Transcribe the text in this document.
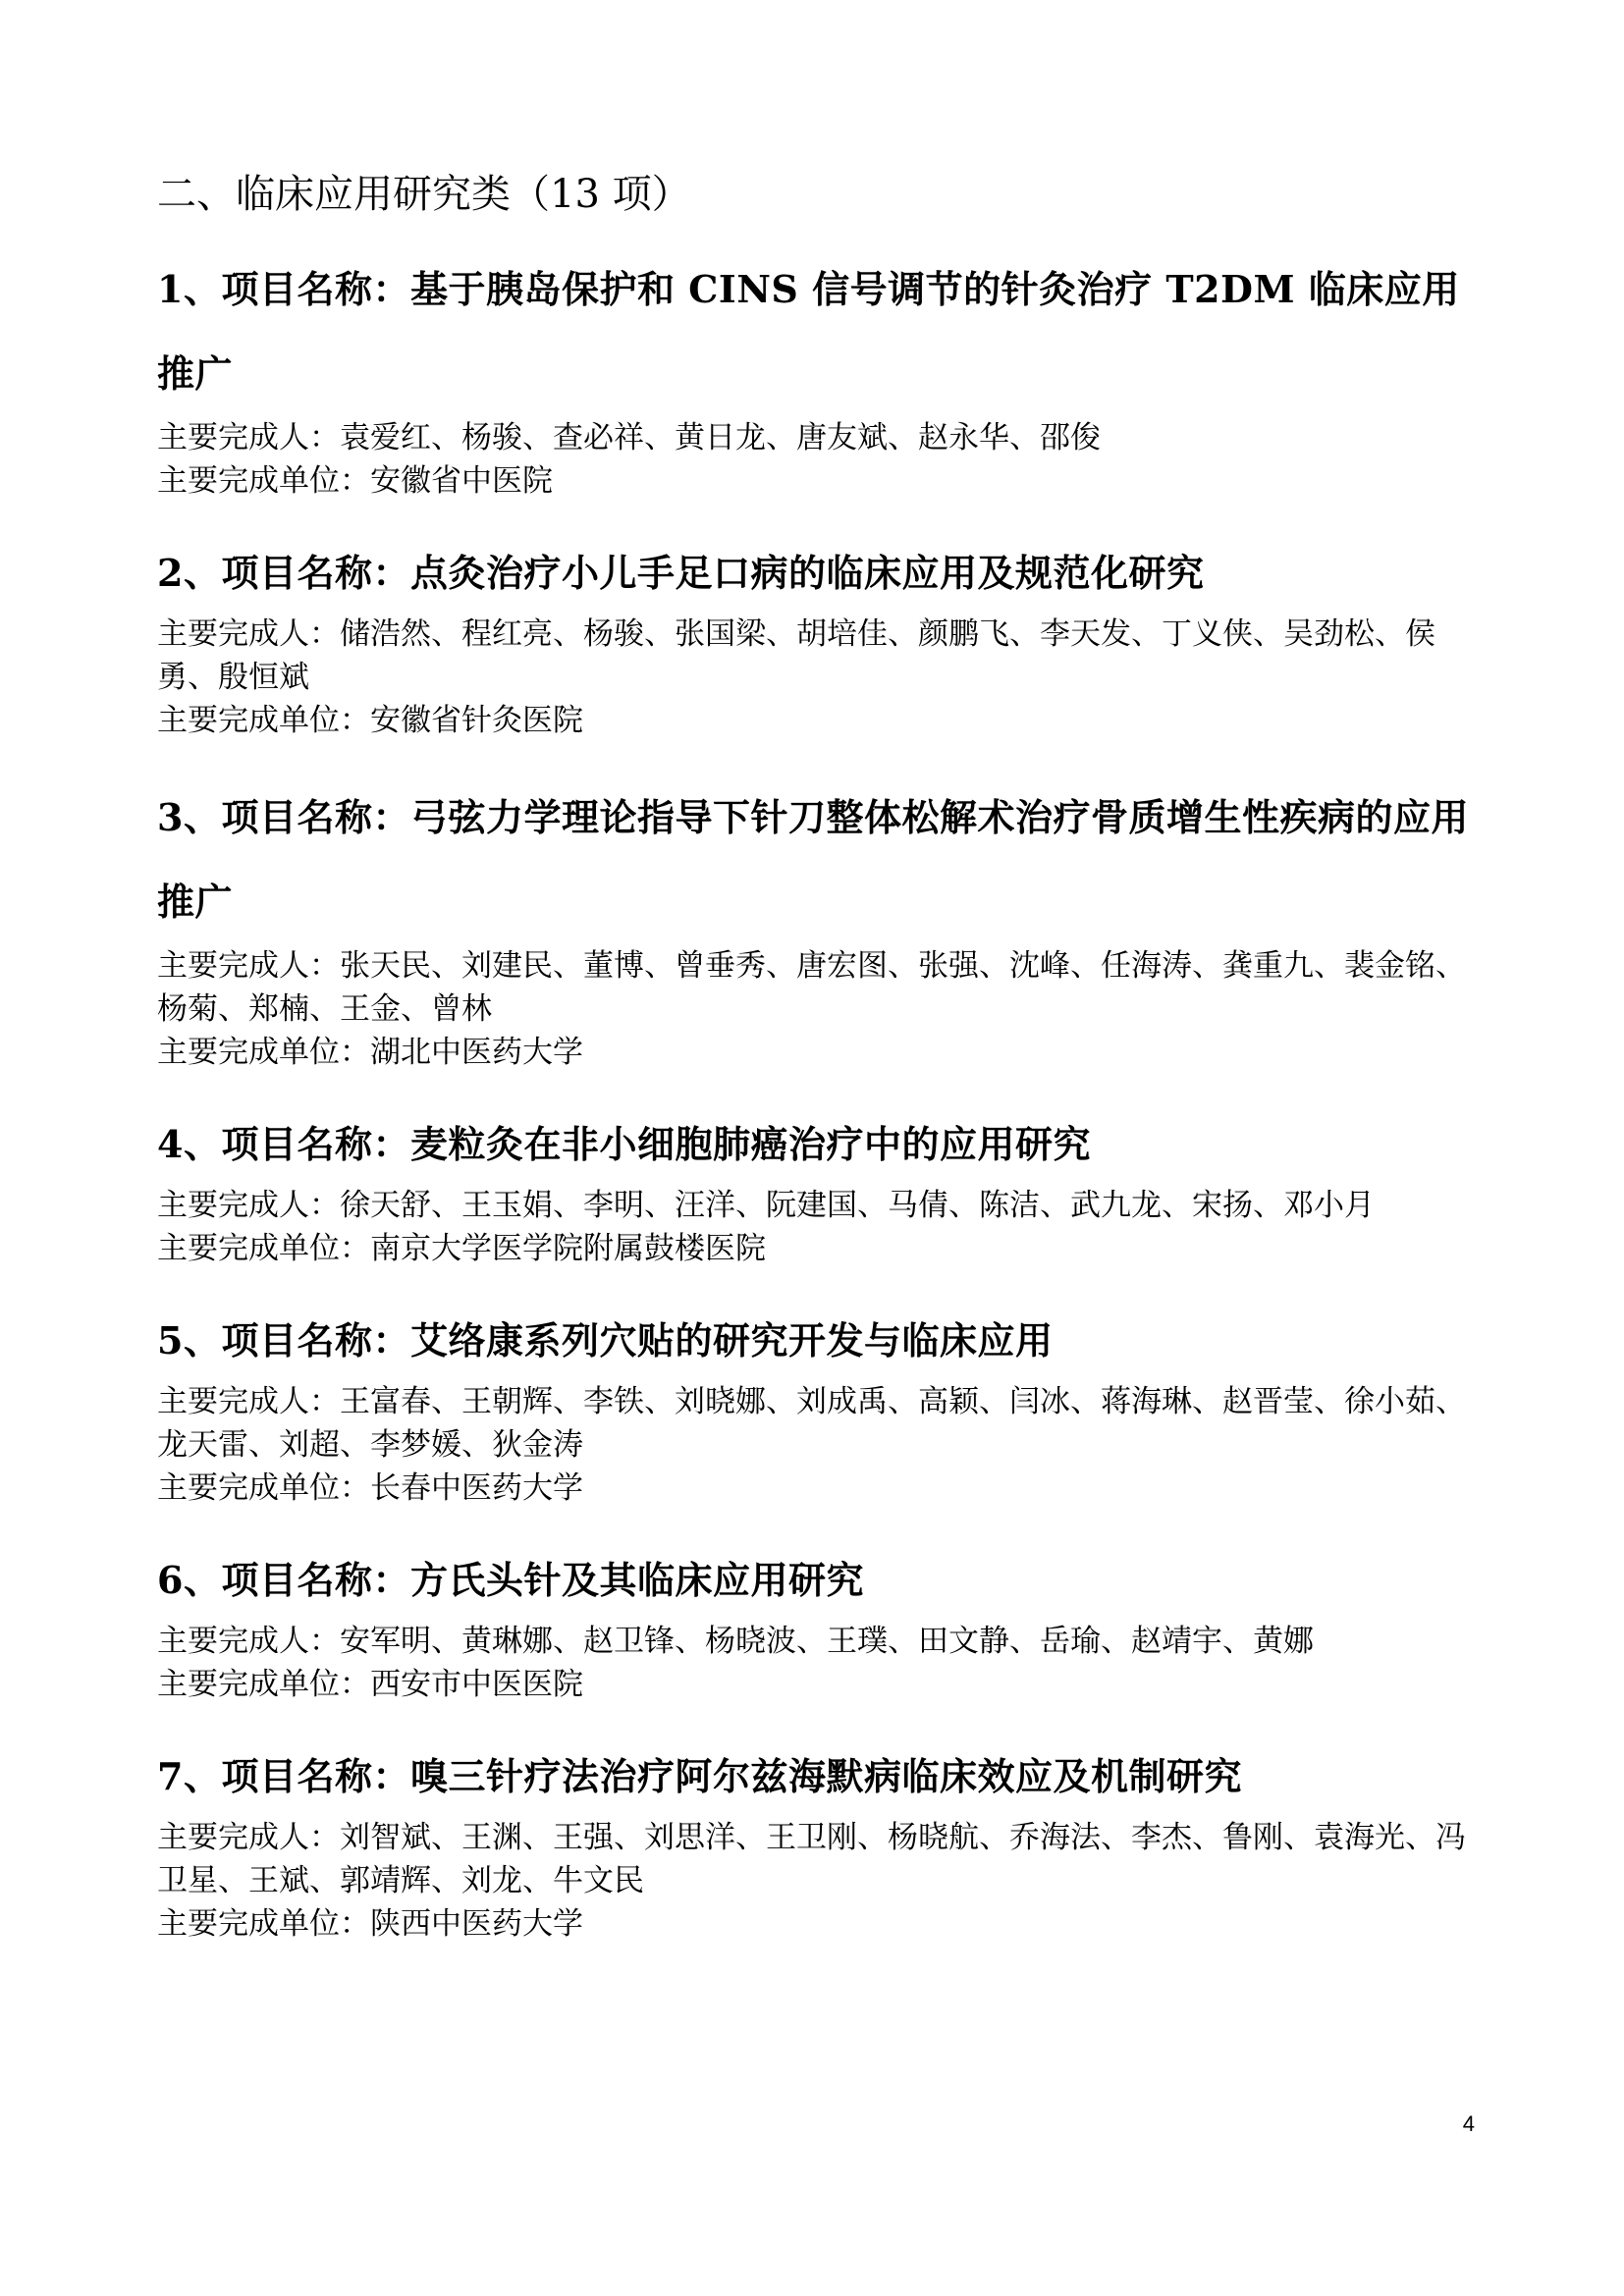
二、临床应用研究类（13 项）
1、项目名称：基于胰岛保护和 CINS 信号调节的针灸治疗 T2DM 临床应用推广
主要完成人：袁爱红、杨骏、查必祥、黄日龙、唐友斌、赵永华、邵俊
主要完成单位：安徽省中医院
2、项目名称：点灸治疗小儿手足口病的临床应用及规范化研究
主要完成人：储浩然、程红亮、杨骏、张国梁、胡培佳、颜鹏飞、李天发、丁义侠、吴劲松、侯勇、殷恒斌
主要完成单位：安徽省针灸医院
3、项目名称：弓弦力学理论指导下针刀整体松解术治疗骨质增生性疾病的应用推广
主要完成人：张天民、刘建民、董博、曾垂秀、唐宏图、张强、沈峰、任海涛、龚重九、裴金铭、杨菊、郑楠、王金、曾林
主要完成单位：湖北中医药大学
4、项目名称：麦粒灸在非小细胞肺癌治疗中的应用研究
主要完成人：徐天舒、王玉娟、李明、汪洋、阮建国、马倩、陈洁、武九龙、宋扬、邓小月
主要完成单位：南京大学医学院附属鼓楼医院
5、项目名称：艾络康系列穴贴的研究开发与临床应用
主要完成人：王富春、王朝辉、李铁、刘晓娜、刘成禹、高颖、闫冰、蒋海琳、赵晋莹、徐小茹、龙天雷、刘超、李梦媛、狄金涛
主要完成单位：长春中医药大学
6、项目名称：方氏头针及其临床应用研究
主要完成人：安军明、黄琳娜、赵卫锋、杨晓波、王璞、田文静、岳瑜、赵靖宇、黄娜
主要完成单位：西安市中医医院
7、项目名称：嗅三针疗法治疗阿尔兹海默病临床效应及机制研究
主要完成人：刘智斌、王渊、王强、刘思洋、王卫刚、杨晓航、乔海法、李杰、鲁刚、袁海光、冯卫星、王斌、郭靖辉、刘龙、牛文民
主要完成单位：陕西中医药大学
4
